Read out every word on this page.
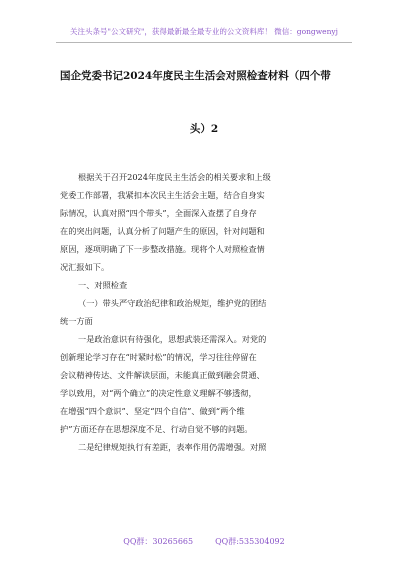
关注头条号"公文研究"，获得最新最全最专业的公文资料库！ 微信：gongwenyj
国企党委书记2024年度民主生活会对照检查材料（四个带
头）2
根据关于召开2024年度民主生活会的相关要求和上级
党委工作部署，我紧扣本次民主生活会主题，结合自身实
际情况，认真对照“四个带头”，全面深入查摆了自身存
在的突出问题，认真分析了问题产生的原因，针对问题和
原因，逐项明确了下一步整改措施。现将个人对照检查情
况汇报如下。
一、对照检查
（一）带头严守政治纪律和政治规矩，维护党的团结
统一方面
一是政治意识有待强化，思想武装还需深入。对党的
创新理论学习存在“时紧时松”的情况，学习往往停留在
会议精神传达、文件解读层面，未能真正做到融会贯通、
学以致用，对“两个确立”的决定性意义理解不够透彻，
在增强“四个意识”、坚定“四个自信”、做到“两个维
护”方面还存在思想深度不足、行动自觉不够的问题。
二是纪律规矩执行有差距，表率作用仍需增强。对照
QQ群：30265665	QQ群:535304092
